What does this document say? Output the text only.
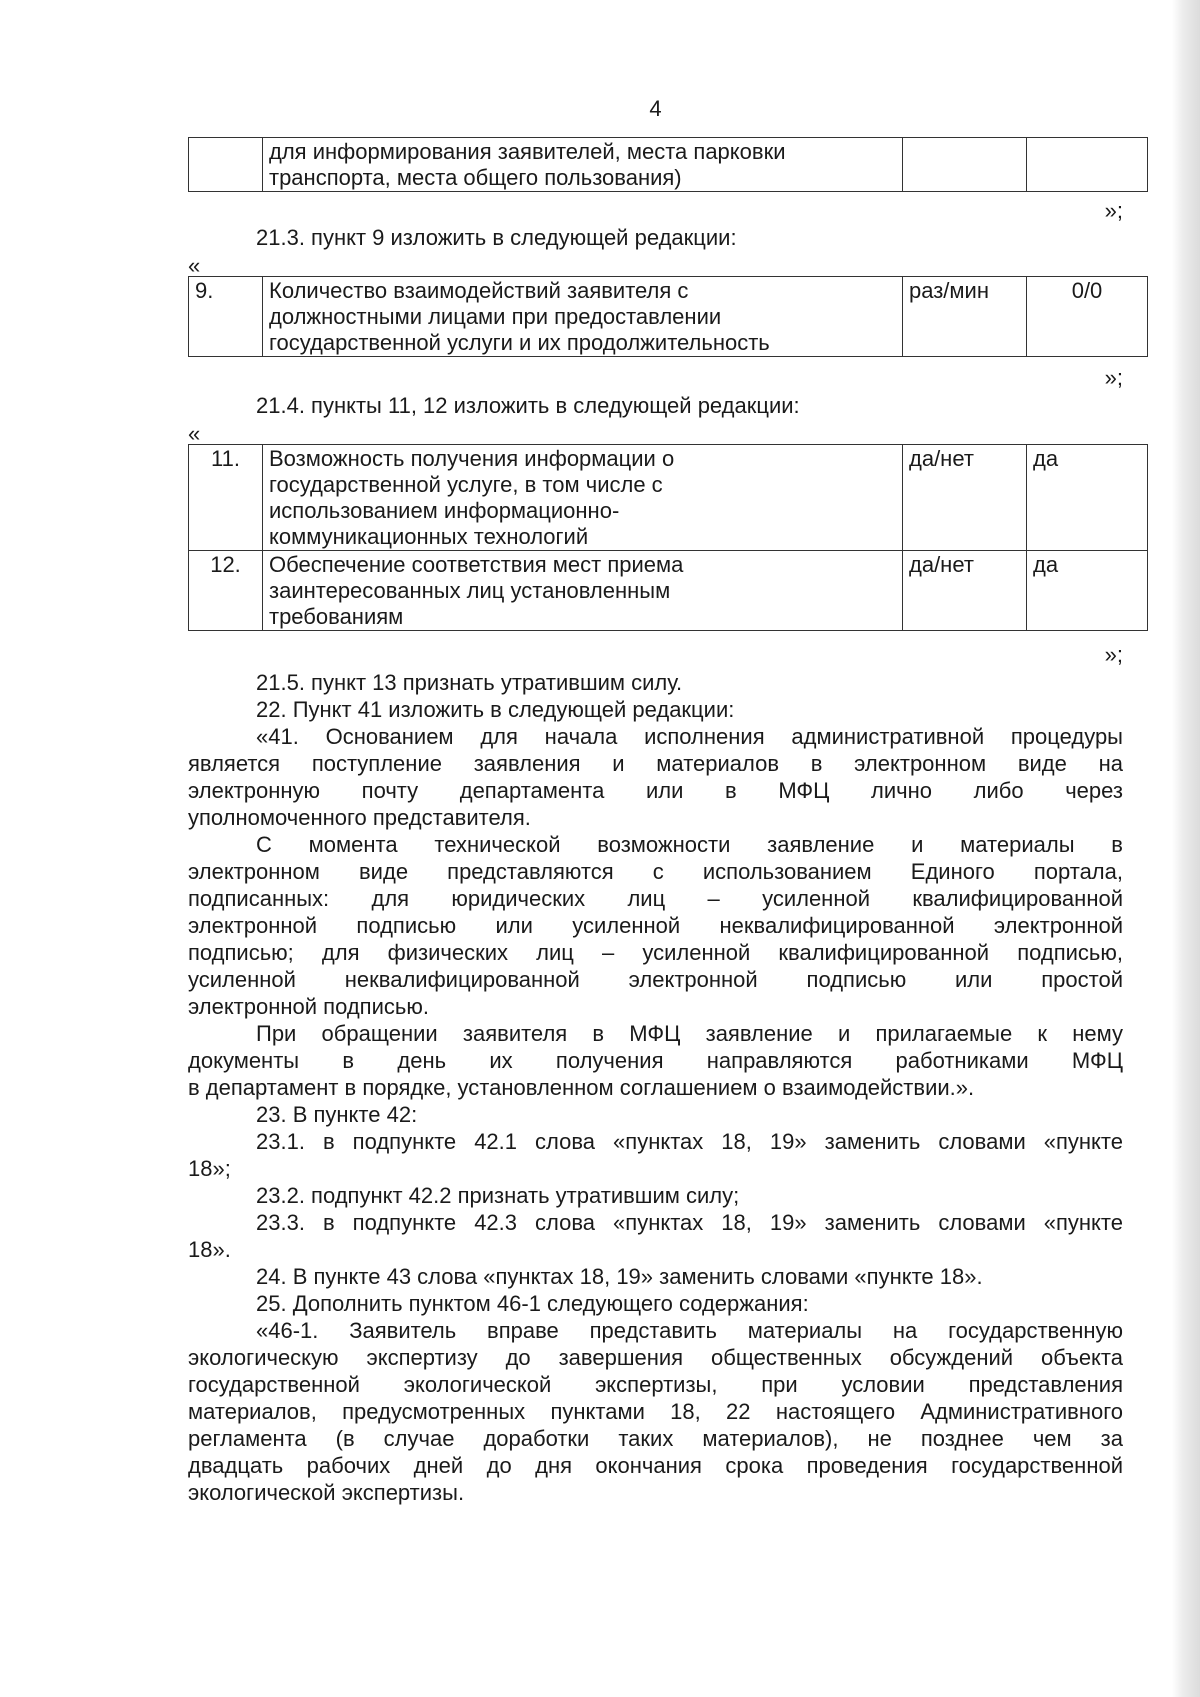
4

для информирования заявителей, места парковки
транспорта, места общего пользования)

»;
21.3. пункт 9 изложить в следующей редакции:
«
9.	Количество взаимодействий заявителя с
должностными лицами при предоставлении
государственной услуги и их продолжительность
	раз/мин	0/0
»;
21.4. пункты 11, 12 изложить в следующей редакции:
«
11.	Возможность получения информации о
государственной услуге, в том числе с
использованием информационно-
коммуникационных технологий	да/нет	да
12.	Обеспечение соответствия мест приема
заинтересованных лиц установленным
требованиям	да/нет	да
»;
21.5. пункт 13 признать утратившим силу.
22. Пункт 41 изложить в следующей редакции:
«41. Основанием для начала исполнения административной процедуры
является поступление заявления и материалов в электронном виде на
электронную почту департамента или в МФЦ лично либо через
уполномоченного представителя.
С момента технической возможности заявление и материалы в
электронном виде представляются с использованием Единого портала,
подписанных: для юридических лиц – усиленной квалифицированной
электронной подписью или усиленной неквалифицированной электронной
подписью; для физических лиц – усиленной квалифицированной подписью,
усиленной неквалифицированной электронной подписью или простой
электронной подписью.
При обращении заявителя в МФЦ заявление и прилагаемые к нему
документы в день их получения направляются работниками МФЦ
в департамент в порядке, установленном соглашением о взаимодействии.».
23. В пункте 42:
23.1. в подпункте 42.1 слова «пунктах 18, 19» заменить словами «пункте
18»;
23.2. подпункт 42.2 признать утратившим силу;
23.3. в подпункте 42.3 слова «пунктах 18, 19» заменить словами «пункте
18».
24. В пункте 43 слова «пунктах 18, 19» заменить словами «пункте 18».
25. Дополнить пунктом 46-1 следующего содержания:
«46-1. Заявитель вправе представить материалы на государственную
экологическую экспертизу до завершения общественных обсуждений объекта
государственной экологической экспертизы, при условии представления
материалов, предусмотренных пунктами 18, 22 настоящего Административного
регламента (в случае доработки таких материалов), не позднее чем за
двадцать рабочих дней до дня окончания срока проведения государственной
экологической экспертизы.
